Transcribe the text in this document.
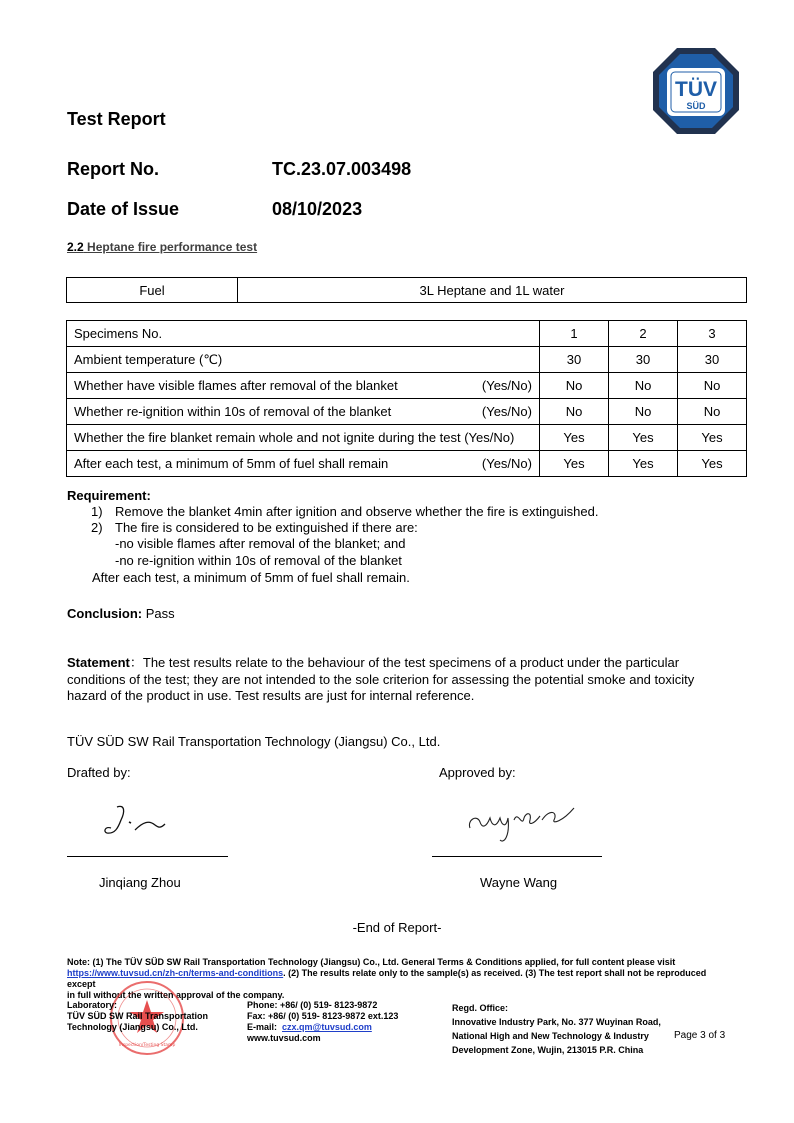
TÜV
SÜD
Test Report
Report No.	TC.23.07.003498
Date of Issue	08/10/2023
2.2 Heptane fire performance test
Fuel	3L Heptane and 1L water
Specimens No.	1	2	3
Ambient temperature (℃)	30	30	30
Whether have visible flames after removal of the blanket (Yes/No)	No	No	No
Whether re-ignition within 10s of removal of the blanket (Yes/No)	No	No	No
Whether the fire blanket remain whole and not ignite during the test (Yes/No)	Yes	Yes	Yes
After each test, a minimum of 5mm of fuel shall remain (Yes/No)	Yes	Yes	Yes
Requirement:
1) Remove the blanket 4min after ignition and observe whether the fire is extinguished.
2) The fire is considered to be extinguished if there are:
-no visible flames after removal of the blanket; and
-no re-ignition within 10s of removal of the blanket
After each test, a minimum of 5mm of fuel shall remain.
Conclusion: Pass
Statement：The test results relate to the behaviour of the test specimens of a product under the particular
conditions of the test; they are not intended to the sole criterion for assessing the potential smoke and toxicity
hazard of the product in use. Test results are just for internal reference.
TÜV SÜD SW Rail Transportation Technology (Jiangsu) Co., Ltd.
Drafted by:	Approved by:
Jinqiang Zhou	Wayne Wang
-End of Report-
Note: (1) The TÜV SÜD SW Rail Transportation Technology (Jiangsu) Co., Ltd. General Terms & Conditions applied, for full content please visit
https://www.tuvsud.cn/zh-cn/terms-and-conditions. (2) The results relate only to the sample(s) as received. (3) The test report shall not be reproduced except
in full without the written approval of the company.
Inspection/Testing Stamp
Laboratory:
TÜV SÜD SW Rail Transportation
Technology (Jiangsu) Co., Ltd.
Phone: +86/ (0) 519- 8123-9872
Fax: +86/ (0) 519- 8123-9872 ext.123
E-mail: czx.qm@tuvsud.com
www.tuvsud.com
Regd. Office:
Innovative Industry Park, No. 377 Wuyinan Road,
National High and New Technology & Industry
Development Zone, Wujin, 213015 P.R. China
Page 3 of 3
